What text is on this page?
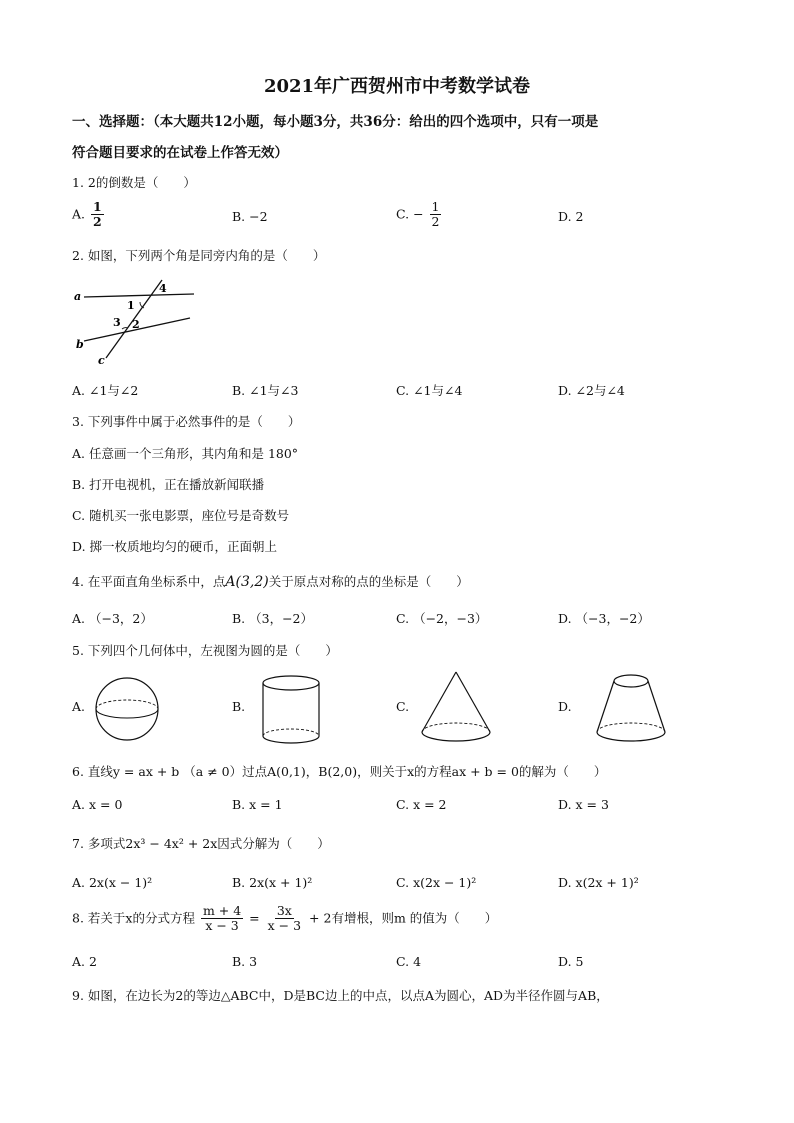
2021年广西贺州市中考数学试卷
一、选择题：（本大题共12小题，每小题3分，共36分：给出的四个选项中，只有一项是
符合题目要求的在试卷上作答无效）
1. 2的倒数是（　　）
A. $\frac{1}{2}$	B. −2	C. − $\frac{1}{2}$	D. 2
2. 如图，下列两个角是同旁内角的是（　　）
a
b
c
1
2
3
4
A. ∠1与∠2	B. ∠1与∠3	C. ∠1与∠4	D. ∠2与∠4
3. 下列事件中属于必然事件的是（　　）
A. 任意画一个三角形，其内角和是 180°
B. 打开电视机，正在播放新闻联播
C. 随机买一张电影票，座位号是奇数号
D. 掷一枚质地均匀的硬币，正面朝上
4. 在平面直角坐标系中，点A(3,2)关于原点对称的点的坐标是（　　）
A. （−3，2）	B. （3，−2）	C. （−2，−3）	D. （−3，−2）
5. 下列四个几何体中，左视图为圆的是（　　）
A.	B.	C.	D.
6. 直线y = ax + b （a ≠ 0）过点A(0,1)，B(2,0)，则关于x的方程ax + b = 0的解为（　　）
A. x = 0	B. x = 1	C. x = 2	D. x = 3
7. 多项式2x³ − 4x² + 2x因式分解为（　　）
A. 2x(x − 1)²	B. 2x(x + 1)²	C. x(2x − 1)²	D. x(2x + 1)²
8. 若关于x的分式方程 $\frac{m + 4}{x - 3} = \frac{3x}{x - 3} + 2$有增根，则m 的值为（　　）
A. 2	B. 3	C. 4	D. 5
9. 如图，在边长为2的等边△ABC中，D是BC边上的中点，以点A为圆心，AD为半径作圆与AB，
